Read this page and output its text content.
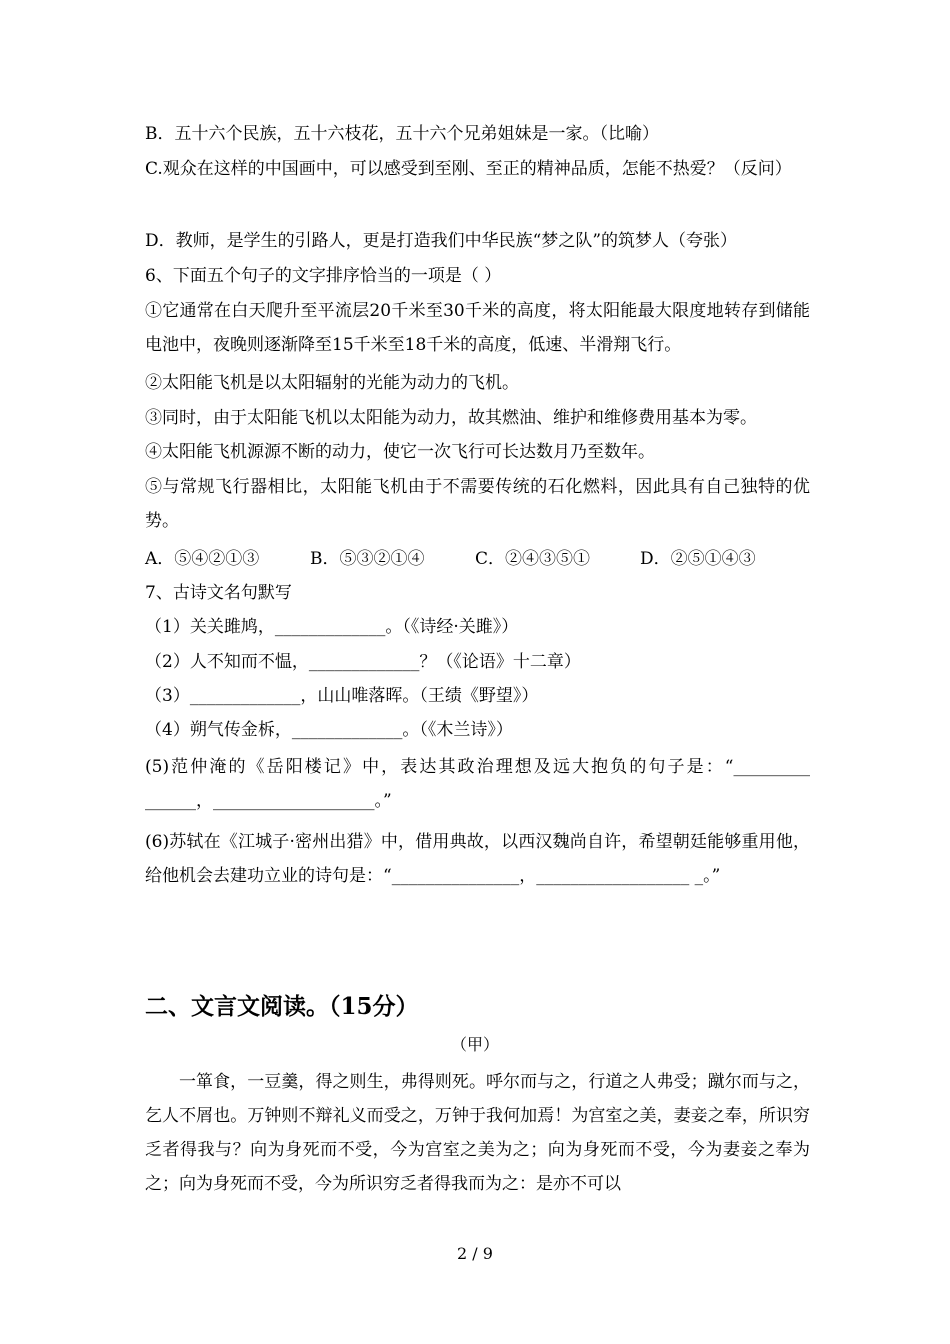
B．五十六个民族，五十六枝花，五十六个兄弟姐妹是一家。（比喻）
C.观众在这样的中国画中，可以感受到至刚、至正的精神品质，怎能不热爱？（反问）
D．教师，是学生的引路人，更是打造我们中华民族“梦之队”的筑梦人（夸张）
6、下面五个句子的文字排序恰当的一项是（ ）
①它通常在白天爬升至平流层20千米至30千米的高度，将太阳能最大限度地转存到储能电池中，夜晚则逐渐降至15千米至18千米的高度，低速、半滑翔飞行。
②太阳能飞机是以太阳辐射的光能为动力的飞机。
③同时，由于太阳能飞机以太阳能为动力，故其燃油、维护和维修费用基本为零。
④太阳能飞机源源不断的动力，使它一次飞行可长达数月乃至数年。
⑤与常规飞行器相比，太阳能飞机由于不需要传统的石化燃料，因此具有自己独特的优势。
A．⑤④②①③	B．⑤③②①④	C．②④③⑤①	D．②⑤①④③
7、古诗文名句默写
（1）关关雎鸠，_____________。（《诗经·关雎》）
（2）人不知而不愠，_____________？（《论语》十二章）
（3）_____________，山山唯落晖。（王绩《野望》）
（4）朔气传金柝，_____________。（《木兰诗》）
(5)范仲淹的《岳阳楼记》中，表达其政治理想及远大抱负的句子是：“_________ ______，___________________。”
(6)苏轼在《江城子·密州出猎》中，借用典故，以西汉魏尚自许，希望朝廷能够重用他，给他机会去建功立业的诗句是：“_______________，__________________ _。”
二、文言文阅读。（15分）
（甲）
一箪食，一豆羹，得之则生，弗得则死。呼尔而与之，行道之人弗受；蹴尔而与之，乞人不屑也。万钟则不辩礼义而受之，万钟于我何加焉！为宫室之美，妻妾之奉，所识穷乏者得我与？向为身死而不受，今为宫室之美为之；向为身死而不受，今为妻妾之奉为之；向为身死而不受，今为所识穷乏者得我而为之：是亦不可以
2 / 9
